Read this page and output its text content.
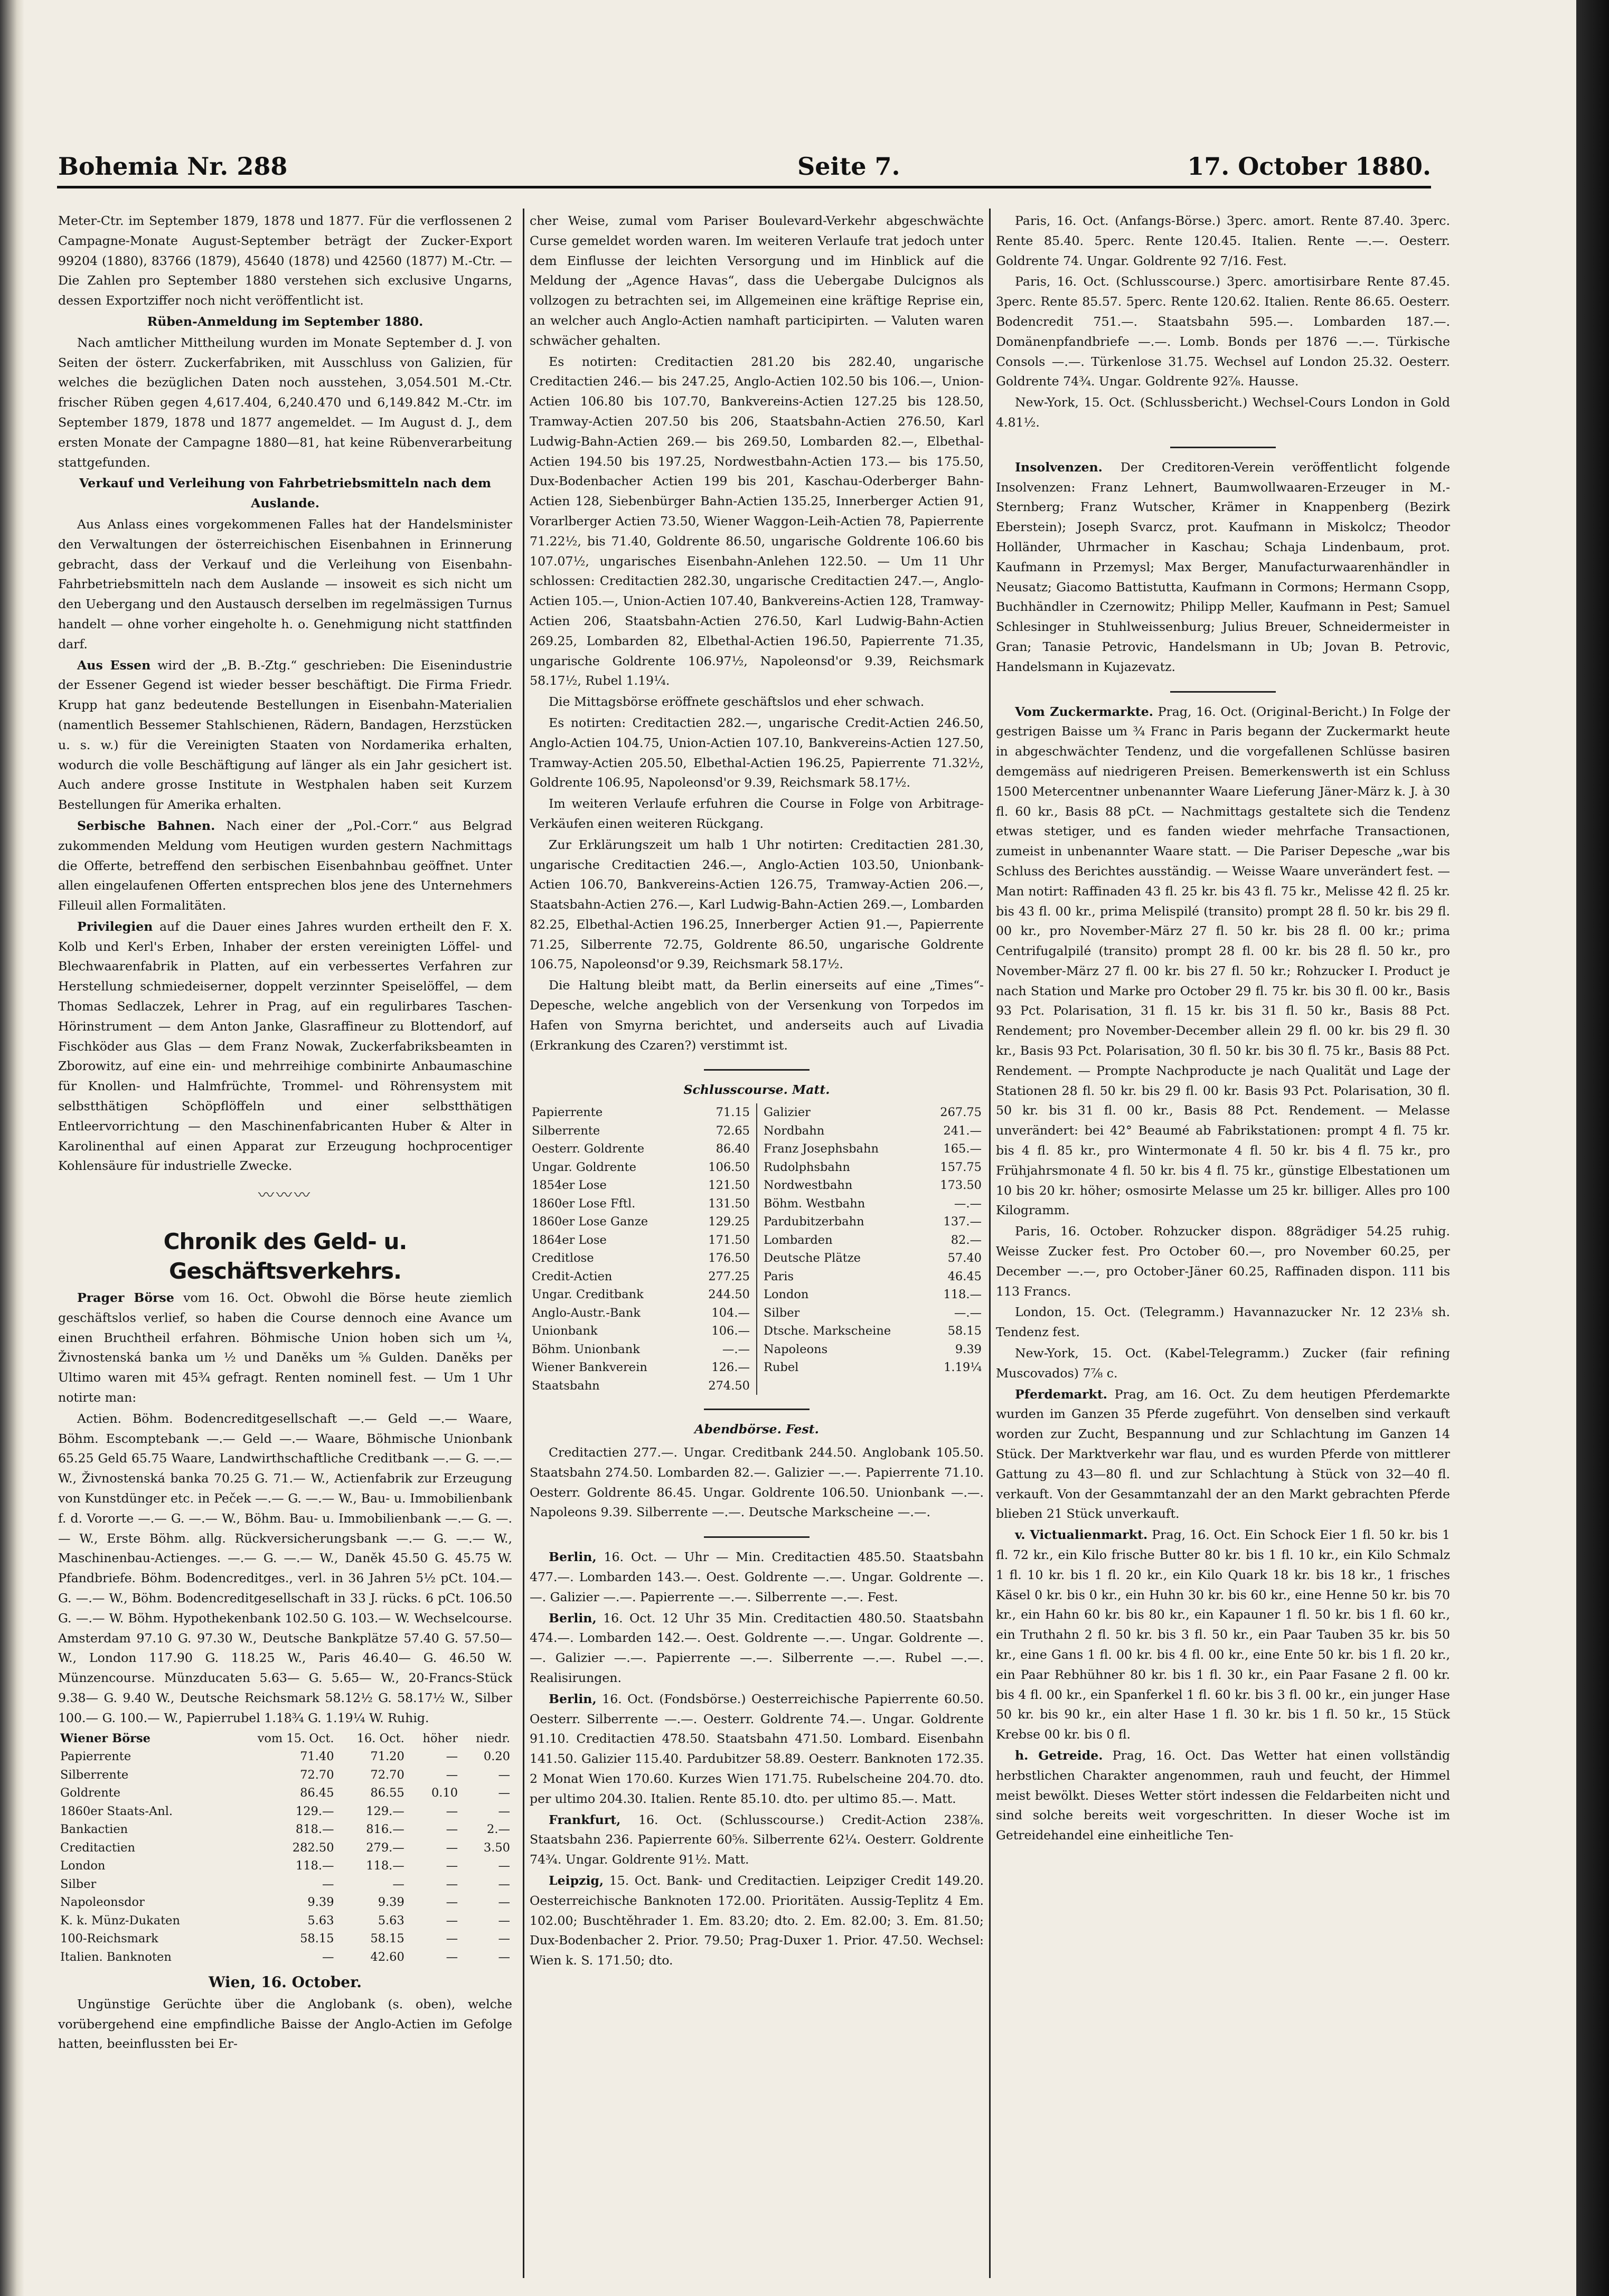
Bohemia Nr. 288	Seite 7.	17. October 1880.

Meter-Ctr. im September 1879, 1878 und 1877. Für die verflossenen 2 Campagne-Monate August-September beträgt der Zucker-Export 99204 (1880), 83766 (1879), 45640 (1878) und 42560 (1877) M.-Ctr. — Die Zahlen pro September 1880 verstehen sich exclusive Ungarns, dessen Exportziffer noch nicht veröffentlicht ist.

Rüben-Anmeldung im September 1880.

Nach amtlicher Mittheilung wurden im Monate September d. J. von Seiten der österr. Zuckerfabriken, mit Ausschluss von Galizien, für welches die bezüglichen Daten noch ausstehen, 3,054.501 M.-Ctr. frischer Rüben gegen 4,617.404, 6,240.470 und 6,149.842 M.-Ctr. im September 1879, 1878 und 1877 angemeldet. — Im August d. J., dem ersten Monate der Campagne 1880—81, hat keine Rübenverarbeitung stattgefunden.

Verkauf und Verleihung von Fahrbetriebsmitteln nach dem Auslande.

Aus Anlass eines vorgekommenen Falles hat der Handelsminister den Verwaltungen der österreichischen Eisenbahnen in Erinnerung gebracht, dass der Verkauf und die Verleihung von Eisenbahn-Fahrbetriebsmitteln nach dem Auslande — insoweit es sich nicht um den Uebergang und den Austausch derselben im regelmässigen Turnus handelt — ohne vorher eingeholte h. o. Genehmigung nicht stattfinden darf.

Aus Essen wird der „B. B.-Ztg.“ geschrieben: Die Eisenindustrie der Essener Gegend ist wieder besser beschäftigt. Die Firma Friedr. Krupp hat ganz bedeutende Bestellungen in Eisenbahn-Materialien (namentlich Bessemer Stahlschienen, Rädern, Bandagen, Herzstücken u. s. w.) für die Vereinigten Staaten von Nordamerika erhalten, wodurch die volle Beschäftigung auf länger als ein Jahr gesichert ist. Auch andere grosse Institute in Westphalen haben seit Kurzem Bestellungen für Amerika erhalten.

Serbische Bahnen. Nach einer der „Pol.-Corr.“ aus Belgrad zukommenden Meldung vom Heutigen wurden gestern Nachmittags die Offerte, betreffend den serbischen Eisenbahnbau geöffnet. Unter allen eingelaufenen Offerten entsprechen blos jene des Unternehmers Filleuil allen Formalitäten.

Privilegien auf die Dauer eines Jahres wurden ertheilt den F. X. Kolb und Kerl's Erben, Inhaber der ersten vereinigten Löffel- und Blechwaarenfabrik in Platten, auf ein verbessertes Verfahren zur Herstellung schmiedeiserner, doppelt verzinnter Speiselöffel, — dem Thomas Sedlaczek, Lehrer in Prag, auf ein regulirbares Taschen-Hörinstrument — dem Anton Janke, Glasraffineur zu Blottendorf, auf Fischköder aus Glas — dem Franz Nowak, Zuckerfabriksbeamten in Zborowitz, auf eine ein- und mehrreihige combinirte Anbaumaschine für Knollen- und Halmfrüchte, Trommel- und Röhrensystem mit selbstthätigen Schöpflöffeln und einer selbstthätigen Entleervorrichtung — den Maschinenfabricanten Huber & Alter in Karolinenthal auf einen Apparat zur Erzeugung hochprocentiger Kohlensäure für industrielle Zwecke.

〰〰〰
Chronik des Geld- u. Geschäftsverkehrs.

Prager Börse vom 16. Oct. Obwohl die Börse heute ziemlich geschäftslos verlief, so haben die Course dennoch eine Avance um einen Bruchtheil erfahren. Böhmische Union hoben sich um ¼, Živnostenská banka um ½ und Daněks um ⅝ Gulden. Daněks per Ultimo waren mit 45¾ gefragt. Renten nominell fest. — Um 1 Uhr notirte man:

Actien. Böhm. Bodencreditgesellschaft —.— Geld —.— Waare, Böhm. Escomptebank —.— Geld —.— Waare, Böhmische Unionbank 65.25 Geld 65.75 Waare, Landwirthschaftliche Creditbank —.— G. —.— W., Živnostenská banka 70.25 G. 71.— W., Actienfabrik zur Erzeugung von Kunstdünger etc. in Peček —.— G. —.— W., Bau- u. Immobilienbank f. d. Vororte —.— G. —.— W., Böhm. Bau- u. Immobilienbank —.— G. —.— W., Erste Böhm. allg. Rückversicherungsbank —.— G. —.— W., Maschinenbau-Actienges. —.— G. —.— W., Daněk 45.50 G. 45.75 W. Pfandbriefe. Böhm. Bodencreditges., verl. in 36 Jahren 5½ pCt. 104.— G. —.— W., Böhm. Bodencreditgesellschaft in 33 J. rücks. 6 pCt. 106.50 G. —.— W. Böhm. Hypothekenbank 102.50 G. 103.— W. Wechselcourse. Amsterdam 97.10 G. 97.30 W., Deutsche Bankplätze 57.40 G. 57.50— W., London 117.90 G. 118.25 W., Paris 46.40— G. 46.50 W. Münzencourse. Münzducaten 5.63— G. 5.65— W., 20-Francs-Stück 9.38— G. 9.40 W., Deutsche Reichsmark 58.12½ G. 58.17½ W., Silber 100.— G. 100.— W., Papierrubel 1.18¾ G. 1.19¼ W. Ruhig.

Wiener Börse	vom 15. Oct.	16. Oct.	höher	niedr.
Papierrente	71.40	71.20	—	0.20
Silberrente	72.70	72.70	—	—
Goldrente	86.45	86.55	0.10	—
1860er Staats-Anl.	129.—	129.—	—	—
Bankactien	818.—	816.—	—	2.—
Creditactien	282.50	279.—	—	3.50
London	118.—	118.—	—	—
Silber	—	—	—	—
Napoleonsdor	9.39	9.39	—	—
K. k. Münz-Dukaten	5.63	5.63	—	—
100-Reichsmark	58.15	58.15	—	—
Italien. Banknoten	—	42.60	—	—
Wien, 16. October.

Ungünstige Gerüchte über die Anglobank (s. oben), welche vorübergehend eine empfindliche Baisse der Anglo-Actien im Gefolge hatten, beeinflussten bei Er-

cher Weise, zumal vom Pariser Boulevard-Verkehr abgeschwächte Curse gemeldet worden waren. Im weiteren Verlaufe trat jedoch unter dem Einflusse der leichten Versorgung und im Hinblick auf die Meldung der „Agence Havas“, dass die Uebergabe Dulcignos als vollzogen zu betrachten sei, im Allgemeinen eine kräftige Reprise ein, an welcher auch Anglo-Actien namhaft participirten. — Valuten waren schwächer gehalten.

Es notirten: Creditactien 281.20 bis 282.40, ungarische Creditactien 246.— bis 247.25, Anglo-Actien 102.50 bis 106.—, Union-Actien 106.80 bis 107.70, Bankvereins-Actien 127.25 bis 128.50, Tramway-Actien 207.50 bis 206, Staatsbahn-Actien 276.50, Karl Ludwig-Bahn-Actien 269.— bis 269.50, Lombarden 82.—, Elbethal-Actien 194.50 bis 197.25, Nordwestbahn-Actien 173.— bis 175.50, Dux-Bodenbacher Actien 199 bis 201, Kaschau-Oderberger Bahn-Actien 128, Siebenbürger Bahn-Actien 135.25, Innerberger Actien 91, Vorarlberger Actien 73.50, Wiener Waggon-Leih-Actien 78, Papierrente 71.22½, bis 71.40, Goldrente 86.50, ungarische Goldrente 106.60 bis 107.07½, ungarisches Eisenbahn-Anlehen 122.50. — Um 11 Uhr schlossen: Creditactien 282.30, ungarische Creditactien 247.—, Anglo-Actien 105.—, Union-Actien 107.40, Bankvereins-Actien 128, Tramway-Actien 206, Staatsbahn-Actien 276.50, Karl Ludwig-Bahn-Actien 269.25, Lombarden 82, Elbethal-Actien 196.50, Papierrente 71.35, ungarische Goldrente 106.97½, Napoleonsd'or 9.39, Reichsmark 58.17½, Rubel 1.19¼.

Die Mittagsbörse eröffnete geschäftslos und eher schwach.

Es notirten: Creditactien 282.—, ungarische Credit-Actien 246.50, Anglo-Actien 104.75, Union-Actien 107.10, Bankvereins-Actien 127.50, Tramway-Actien 205.50, Elbethal-Actien 196.25, Papierrente 71.32½, Goldrente 106.95, Napoleonsd'or 9.39, Reichsmark 58.17½.

Im weiteren Verlaufe erfuhren die Course in Folge von Arbitrage-Verkäufen einen weiteren Rückgang.

Zur Erklärungszeit um halb 1 Uhr notirten: Creditactien 281.30, ungarische Creditactien 246.—, Anglo-Actien 103.50, Unionbank-Actien 106.70, Bankvereins-Actien 126.75, Tramway-Actien 206.—, Staatsbahn-Actien 276.—, Karl Ludwig-Bahn-Actien 269.—, Lombarden 82.25, Elbethal-Actien 196.25, Innerberger Actien 91.—, Papierrente 71.25, Silberrente 72.75, Goldrente 86.50, ungarische Goldrente 106.75, Napoleonsd'or 9.39, Reichsmark 58.17½.

Die Haltung bleibt matt, da Berlin einerseits auf eine „Times“-Depesche, welche angeblich von der Versenkung von Torpedos im Hafen von Smyrna berichtet, und anderseits auch auf Livadia (Erkrankung des Czaren?) verstimmt ist.

Schlusscourse. Matt.
Papierrente	71.15
Silberrente	72.65
Oesterr. Goldrente	86.40
Ungar. Goldrente	106.50
1854er Lose	121.50
1860er Lose Fftl.	131.50
1860er Lose Ganze	129.25
1864er Lose	171.50
Creditlose	176.50
Credit-Actien	277.25
Ungar. Creditbank	244.50
Anglo-Austr.-Bank	104.—
Unionbank	106.—
Böhm. Unionbank	—.—
Wiener Bankverein	126.—
Staatsbahn	274.50
Galizier	267.75
Nordbahn	241.—
Franz Josephsbahn	165.—
Rudolphsbahn	157.75
Nordwestbahn	173.50
Böhm. Westbahn	—.—
Pardubitzerbahn	137.—
Lombarden	82.—
Deutsche Plätze	57.40
Paris	46.45
London	118.—
Silber	—.—
Dtsche. Markscheine	58.15
Napoleons	9.39
Rubel	1.19¼
Abendbörse. Fest.

Creditactien 277.—. Ungar. Creditbank 244.50. Anglobank 105.50. Staatsbahn 274.50. Lombarden 82.—. Galizier —.—. Papierrente 71.10. Oesterr. Goldrente 86.45. Ungar. Goldrente 106.50. Unionbank —.—. Napoleons 9.39. Silberrente —.—. Deutsche Markscheine —.—.

Berlin, 16. Oct. — Uhr — Min. Creditactien 485.50. Staatsbahn 477.—. Lombarden 143.—. Oest. Goldrente —.—. Ungar. Goldrente —.—. Galizier —.—. Papierrente —.—. Silberrente —.—. Fest.

Berlin, 16. Oct. 12 Uhr 35 Min. Creditactien 480.50. Staatsbahn 474.—. Lombarden 142.—. Oest. Goldrente —.—. Ungar. Goldrente —.—. Galizier —.—. Papierrente —.—. Silberrente —.—. Rubel —.—. Realisirungen.

Berlin, 16. Oct. (Fondsbörse.) Oesterreichische Papierrente 60.50. Oesterr. Silberrente —.—. Oesterr. Goldrente 74.—. Ungar. Goldrente 91.10. Creditactien 478.50. Staatsbahn 471.50. Lombard. Eisenbahn 141.50. Galizier 115.40. Pardubitzer 58.89. Oesterr. Banknoten 172.35. 2 Monat Wien 170.60. Kurzes Wien 171.75. Rubelscheine 204.70. dto. per ultimo 204.30. Italien. Rente 85.10. dto. per ultimo 85.—. Matt.

Frankfurt, 16. Oct. (Schlusscourse.) Credit-Action 238⅞. Staatsbahn 236. Papierrente 60⅝. Silberrente 62¼. Oesterr. Goldrente 74¾. Ungar. Goldrente 91½. Matt.

Leipzig, 15. Oct. Bank- und Creditactien. Leipziger Credit 149.20. Oesterreichische Banknoten 172.00. Prioritäten. Aussig-Teplitz 4 Em. 102.00; Buschtěhrader 1. Em. 83.20; dto. 2. Em. 82.00; 3. Em. 81.50; Dux-Bodenbacher 2. Prior. 79.50; Prag-Duxer 1. Prior. 47.50. Wechsel: Wien k. S. 171.50; dto.

Paris, 16. Oct. (Anfangs-Börse.) 3perc. amort. Rente 87.40. 3perc. Rente 85.40. 5perc. Rente 120.45. Italien. Rente —.—. Oesterr. Goldrente 74. Ungar. Goldrente 92 7/16. Fest.

Paris, 16. Oct. (Schlusscourse.) 3perc. amortisirbare Rente 87.45. 3perc. Rente 85.57. 5perc. Rente 120.62. Italien. Rente 86.65. Oesterr. Bodencredit 751.—. Staatsbahn 595.—. Lombarden 187.—. Domänenpfandbriefe —.—. Lomb. Bonds per 1876 —.—. Türkische Consols —.—. Türkenlose 31.75. Wechsel auf London 25.32. Oesterr. Goldrente 74¾. Ungar. Goldrente 92⅞. Hausse.

New-York, 15. Oct. (Schlussbericht.) Wechsel-Cours London in Gold 4.81½.

Insolvenzen. Der Creditoren-Verein veröffentlicht folgende Insolvenzen: Franz Lehnert, Baumwollwaaren-Erzeuger in M.-Sternberg; Franz Wutscher, Krämer in Knappenberg (Bezirk Eberstein); Joseph Svarcz, prot. Kaufmann in Miskolcz; Theodor Holländer, Uhrmacher in Kaschau; Schaja Lindenbaum, prot. Kaufmann in Przemysl; Max Berger, Manufacturwaarenhändler in Neusatz; Giacomo Battistutta, Kaufmann in Cormons; Hermann Csopp, Buchhändler in Czernowitz; Philipp Meller, Kaufmann in Pest; Samuel Schlesinger in Stuhlweissenburg; Julius Breuer, Schneidermeister in Gran; Tanasie Petrovic, Handelsmann in Ub; Jovan B. Petrovic, Handelsmann in Kujazevatz.

Vom Zuckermarkte. Prag, 16. Oct. (Original-Bericht.) In Folge der gestrigen Baisse um ¾ Franc in Paris begann der Zuckermarkt heute in abgeschwächter Tendenz, und die vorgefallenen Schlüsse basiren demgemäss auf niedrigeren Preisen. Bemerkenswerth ist ein Schluss 1500 Metercentner unbenannter Waare Lieferung Jäner-März k. J. à 30 fl. 60 kr., Basis 88 pCt. — Nachmittags gestaltete sich die Tendenz etwas stetiger, und es fanden wieder mehrfache Transactionen, zumeist in unbenannter Waare statt. — Die Pariser Depesche „war bis Schluss des Berichtes ausständig. — Weisse Waare unverändert fest. — Man notirt: Raffinaden 43 fl. 25 kr. bis 43 fl. 75 kr., Melisse 42 fl. 25 kr. bis 43 fl. 00 kr., prima Melispilé (transito) prompt 28 fl. 50 kr. bis 29 fl. 00 kr., pro November-März 27 fl. 50 kr. bis 28 fl. 00 kr.; prima Centrifugalpilé (transito) prompt 28 fl. 00 kr. bis 28 fl. 50 kr., pro November-März 27 fl. 00 kr. bis 27 fl. 50 kr.; Rohzucker I. Product je nach Station und Marke pro October 29 fl. 75 kr. bis 30 fl. 00 kr., Basis 93 Pct. Polarisation, 31 fl. 15 kr. bis 31 fl. 50 kr., Basis 88 Pct. Rendement; pro November-December allein 29 fl. 00 kr. bis 29 fl. 30 kr., Basis 93 Pct. Polarisation, 30 fl. 50 kr. bis 30 fl. 75 kr., Basis 88 Pct. Rendement. — Prompte Nachproducte je nach Qualität und Lage der Stationen 28 fl. 50 kr. bis 29 fl. 00 kr. Basis 93 Pct. Polarisation, 30 fl. 50 kr. bis 31 fl. 00 kr., Basis 88 Pct. Rendement. — Melasse unverändert: bei 42° Beaumé ab Fabrikstationen: prompt 4 fl. 75 kr. bis 4 fl. 85 kr., pro Wintermonate 4 fl. 50 kr. bis 4 fl. 75 kr., pro Frühjahrsmonate 4 fl. 50 kr. bis 4 fl. 75 kr., günstige Elbestationen um 10 bis 20 kr. höher; osmosirte Melasse um 25 kr. billiger. Alles pro 100 Kilogramm.

Paris, 16. October. Rohzucker dispon. 88grädiger 54.25 ruhig. Weisse Zucker fest. Pro October 60.—, pro November 60.25, per December —.—, pro October-Jäner 60.25, Raffinaden dispon. 111 bis 113 Francs.

London, 15. Oct. (Telegramm.) Havannazucker Nr. 12 23⅛ sh. Tendenz fest.

New-York, 15. Oct. (Kabel-Telegramm.) Zucker (fair refining Muscovados) 7⅞ c.

Pferdemarkt. Prag, am 16. Oct. Zu dem heutigen Pferdemarkte wurden im Ganzen 35 Pferde zugeführt. Von denselben sind verkauft worden zur Zucht, Bespannung und zur Schlachtung im Ganzen 14 Stück. Der Marktverkehr war flau, und es wurden Pferde von mittlerer Gattung zu 43—80 fl. und zur Schlachtung à Stück von 32—40 fl. verkauft. Von der Gesammtanzahl der an den Markt gebrachten Pferde blieben 21 Stück unverkauft.

v. Victualienmarkt. Prag, 16. Oct. Ein Schock Eier 1 fl. 50 kr. bis 1 fl. 72 kr., ein Kilo frische Butter 80 kr. bis 1 fl. 10 kr., ein Kilo Schmalz 1 fl. 10 kr. bis 1 fl. 20 kr., ein Kilo Quark 18 kr. bis 18 kr., 1 frisches Käsel 0 kr. bis 0 kr., ein Huhn 30 kr. bis 60 kr., eine Henne 50 kr. bis 70 kr., ein Hahn 60 kr. bis 80 kr., ein Kapauner 1 fl. 50 kr. bis 1 fl. 60 kr., ein Truthahn 2 fl. 50 kr. bis 3 fl. 50 kr., ein Paar Tauben 35 kr. bis 50 kr., eine Gans 1 fl. 00 kr. bis 4 fl. 00 kr., eine Ente 50 kr. bis 1 fl. 20 kr., ein Paar Rebhühner 80 kr. bis 1 fl. 30 kr., ein Paar Fasane 2 fl. 00 kr. bis 4 fl. 00 kr., ein Spanferkel 1 fl. 60 kr. bis 3 fl. 00 kr., ein junger Hase 50 kr. bis 90 kr., ein alter Hase 1 fl. 30 kr. bis 1 fl. 50 kr., 15 Stück Krebse 00 kr. bis 0 fl.

h. Getreide. Prag, 16. Oct. Das Wetter hat einen vollständig herbstlichen Charakter angenommen, rauh und feucht, der Himmel meist bewölkt. Dieses Wetter stört indessen die Feldarbeiten nicht und sind solche bereits weit vorgeschritten. In dieser Woche ist im Getreidehandel eine einheitliche Ten-
